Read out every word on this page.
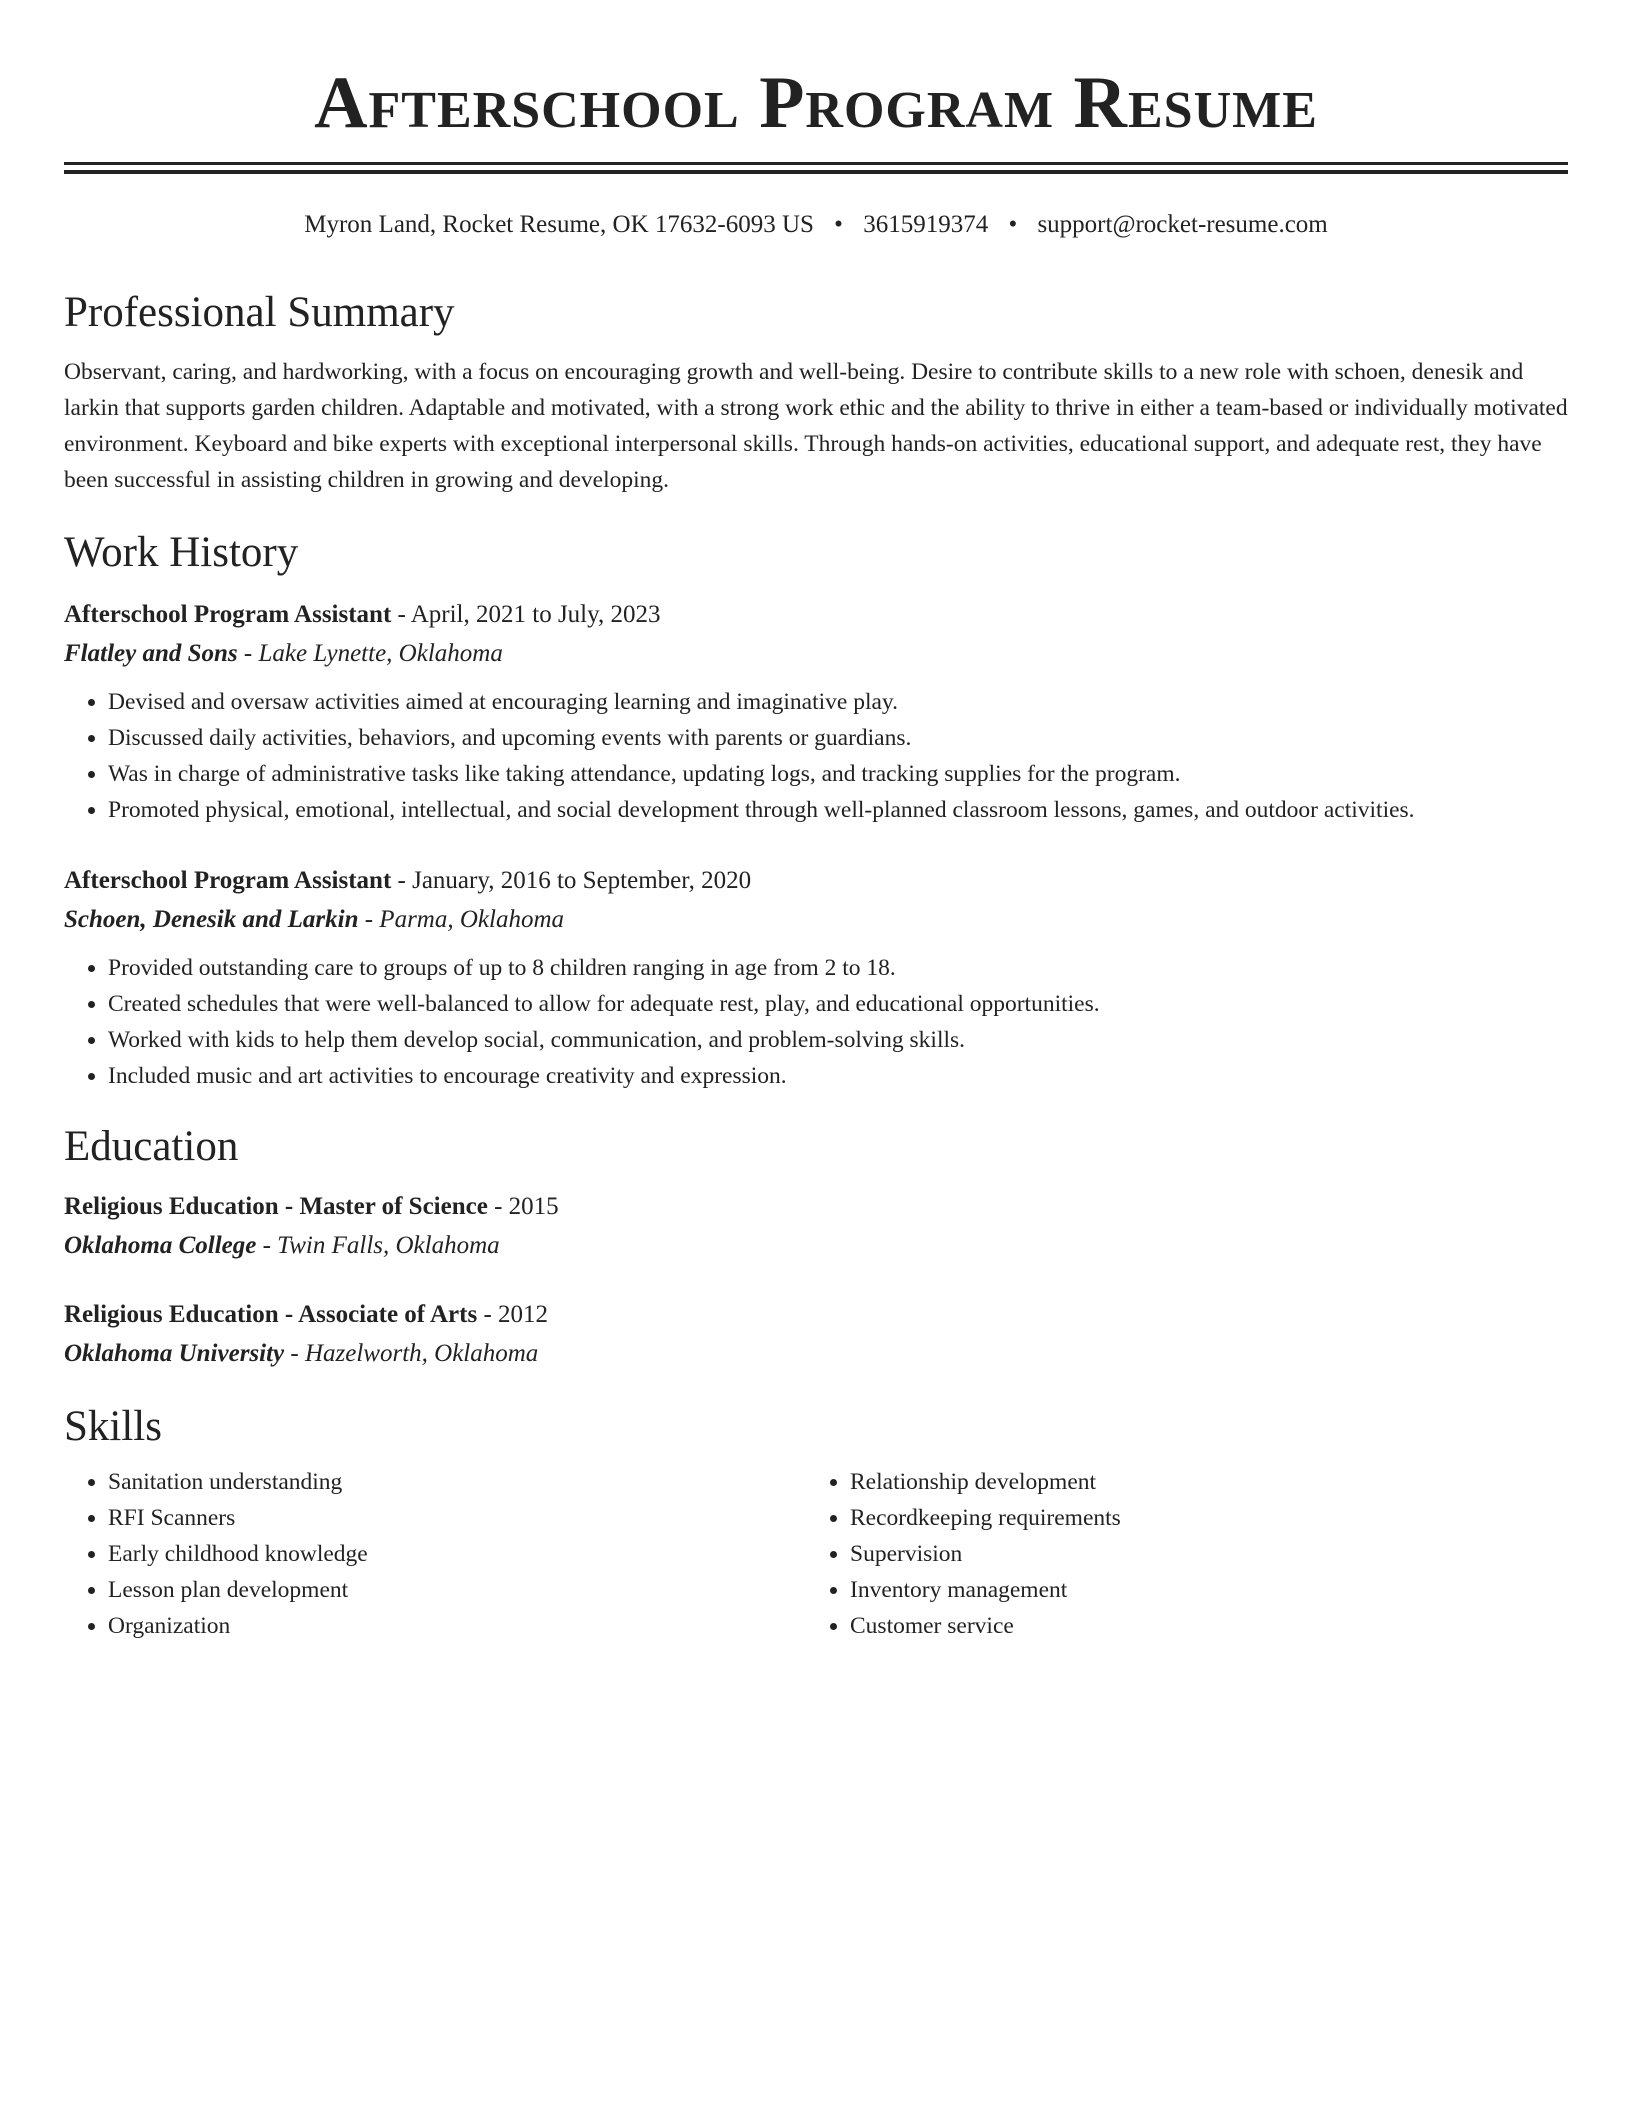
Afterschool Program Resume
Myron Land, Rocket Resume, OK 17632-6093 US • 3615919374 • support@rocket-resume.com
Professional Summary
Observant, caring, and hardworking, with a focus on encouraging growth and well-being. Desire to contribute skills to a new role with schoen, denesik and larkin that supports garden children. Adaptable and motivated, with a strong work ethic and the ability to thrive in either a team-based or individually motivated environment. Keyboard and bike experts with exceptional interpersonal skills. Through hands-on activities, educational support, and adequate rest, they have been successful in assisting children in growing and developing.
Work History
Afterschool Program Assistant - April, 2021 to July, 2023
Flatley and Sons - Lake Lynette, Oklahoma
• Devised and oversaw activities aimed at encouraging learning and imaginative play.
• Discussed daily activities, behaviors, and upcoming events with parents or guardians.
• Was in charge of administrative tasks like taking attendance, updating logs, and tracking supplies for the program.
• Promoted physical, emotional, intellectual, and social development through well-planned classroom lessons, games, and outdoor activities.
Afterschool Program Assistant - January, 2016 to September, 2020
Schoen, Denesik and Larkin - Parma, Oklahoma
• Provided outstanding care to groups of up to 8 children ranging in age from 2 to 18.
• Created schedules that were well-balanced to allow for adequate rest, play, and educational opportunities.
• Worked with kids to help them develop social, communication, and problem-solving skills.
• Included music and art activities to encourage creativity and expression.
Education
Religious Education - Master of Science - 2015
Oklahoma College - Twin Falls, Oklahoma
Religious Education - Associate of Arts - 2012
Oklahoma University - Hazelworth, Oklahoma
Skills
• Sanitation understanding
• RFI Scanners
• Early childhood knowledge
• Lesson plan development
• Organization
• Relationship development
• Recordkeeping requirements
• Supervision
• Inventory management
• Customer service
